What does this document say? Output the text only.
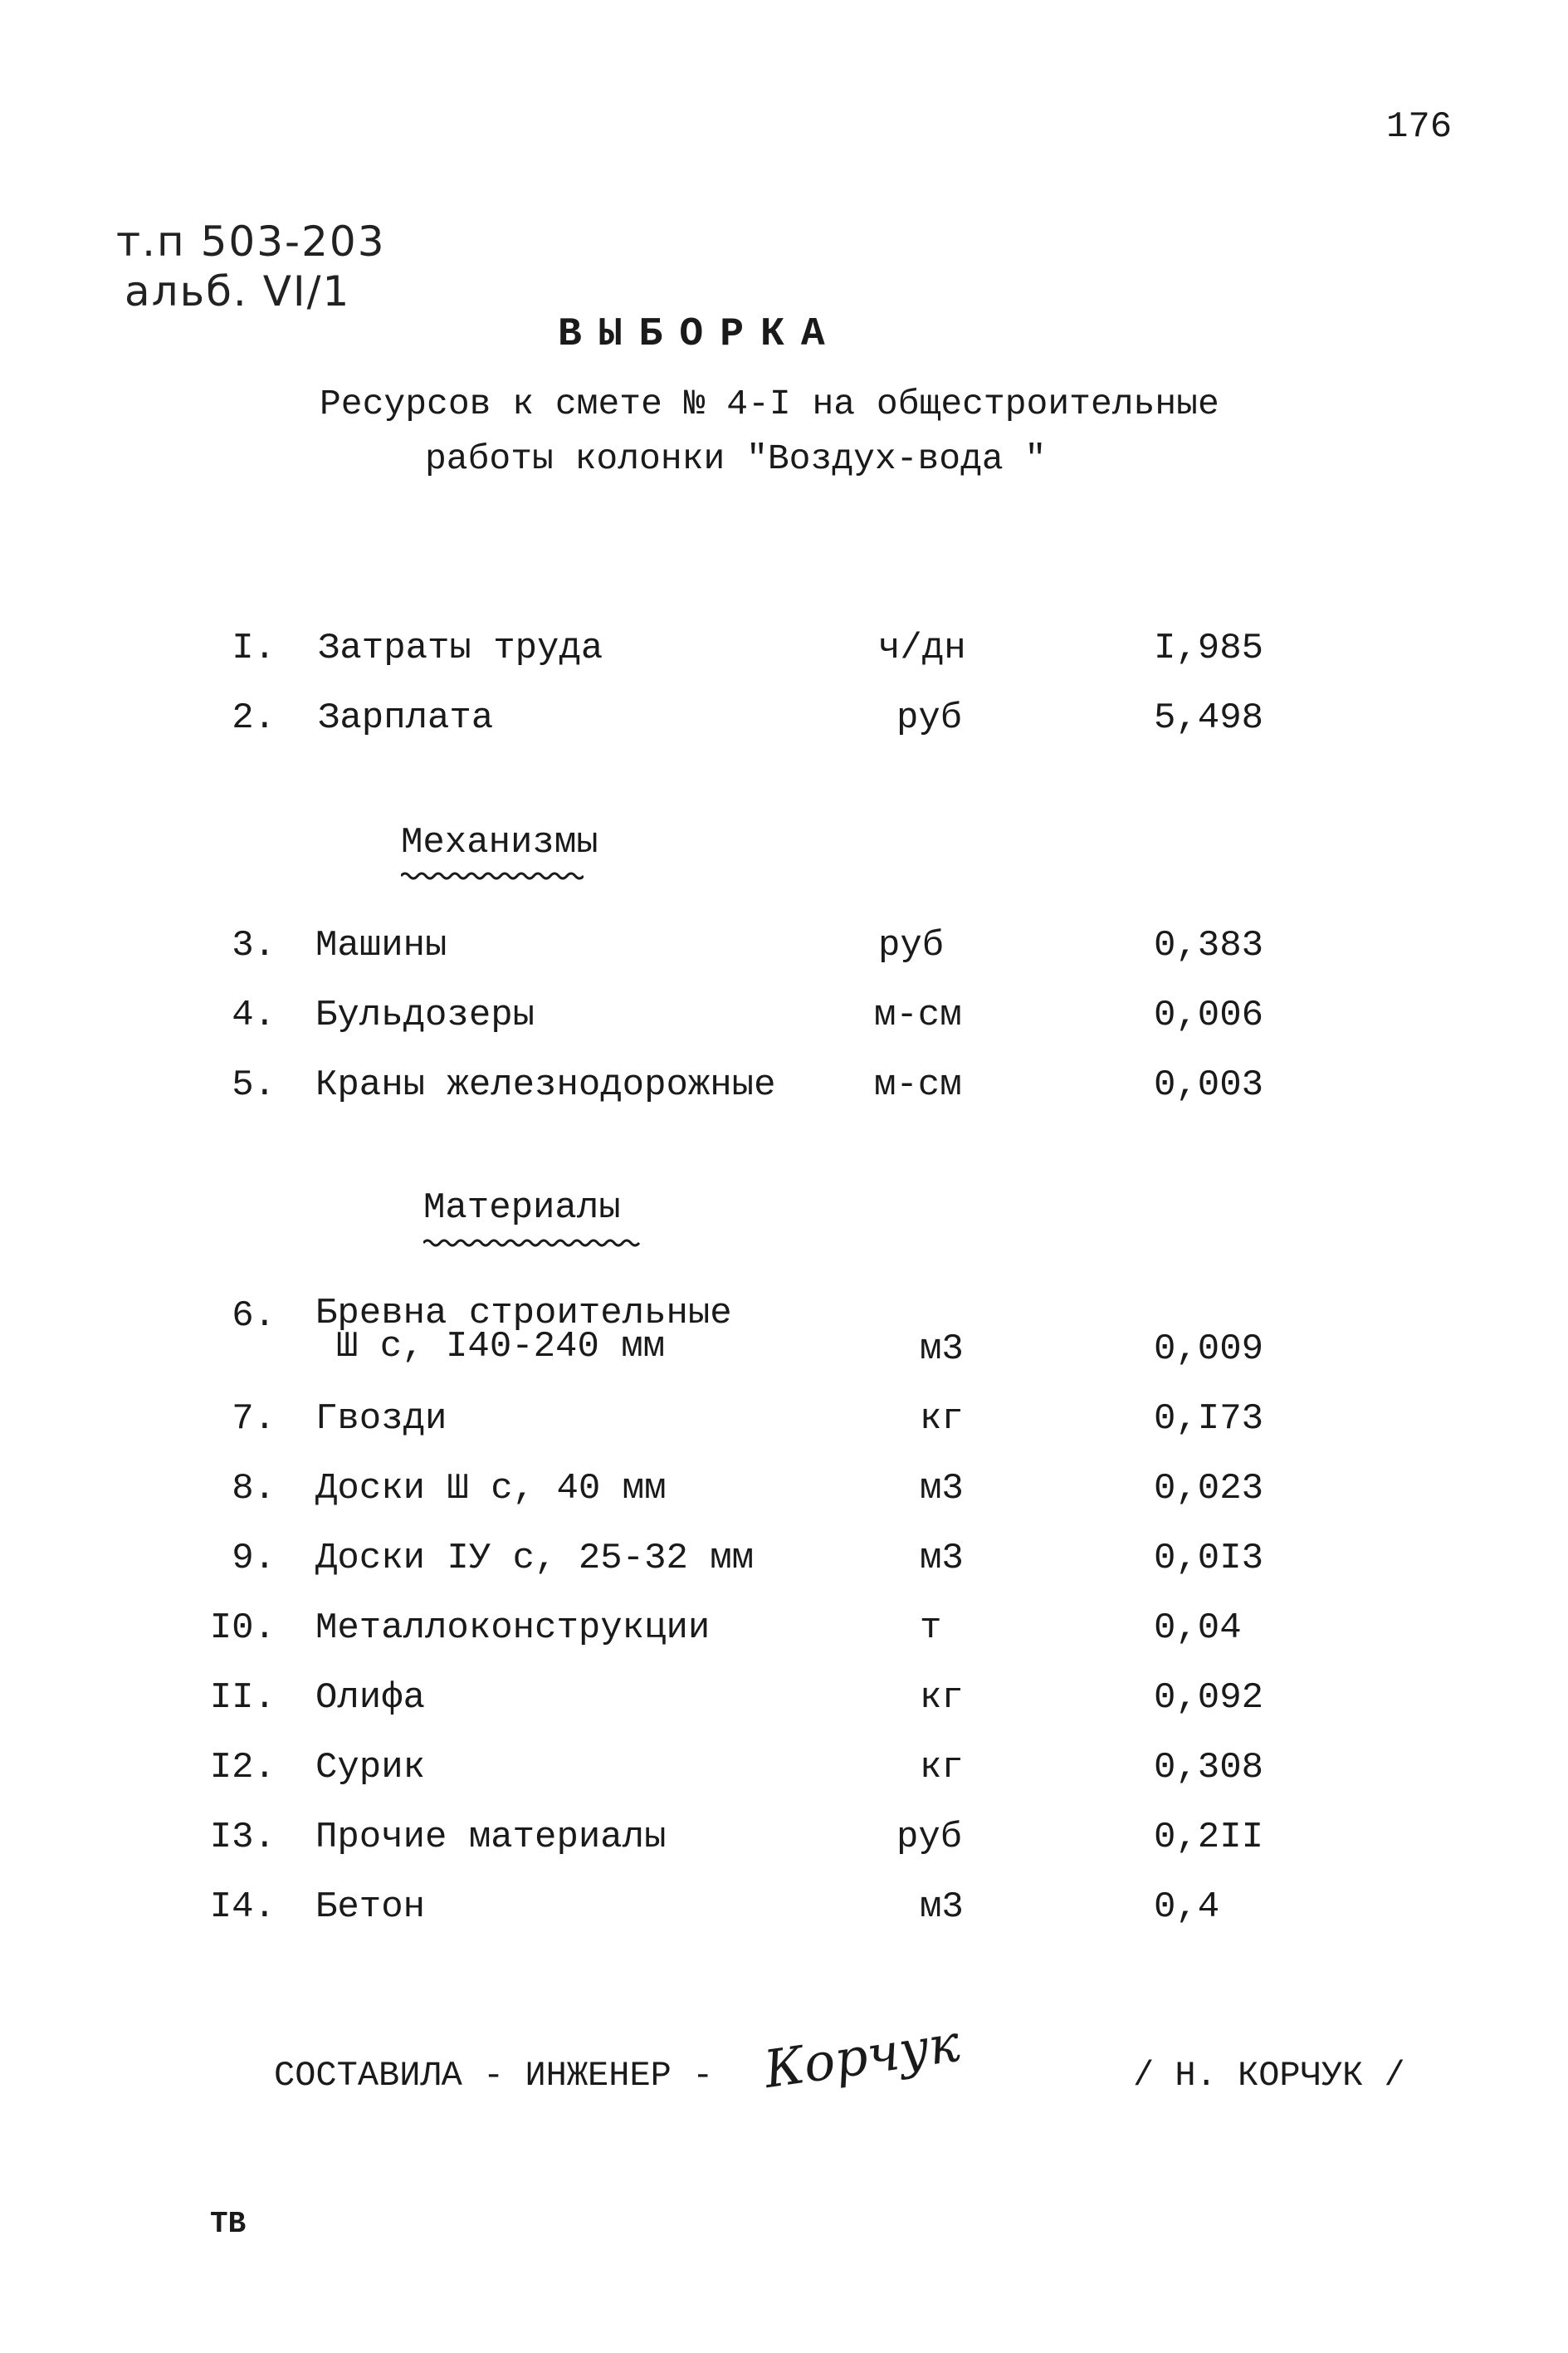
176
т.п 503-203
альб. VI/1
ВЫБОРКА
Ресурсов к смете № 4-I на общестроительные
работы колонки "Воздух-вода "
I. Затраты труда	ч/дн	I,985
2. Зарплата	руб	5,498
Механизмы
3. Машины	руб	0,383
4. Бульдозеры	м-см	0,006
5. Краны железнодорожные	м-см	0,003
Материалы
6. Бревна строительные
Ш с, I40-240 мм	м3	0,009
7. Гвозди	кг	0,I73
8. Доски Ш с, 40 мм	м3	0,023
9. Доски IУ с, 25-32 мм	м3	0,0I3
I0. Металлоконструкции	т	0,04
II. Олифа	кг	0,092
I2. Сурик	кг	0,308
I3. Прочие материалы	руб	0,2II
I4. Бетон	м3	0,4
СОСТАВИЛА - ИНЖЕНЕР - Корчук	/ Н. КОРЧУК /
ТВ
